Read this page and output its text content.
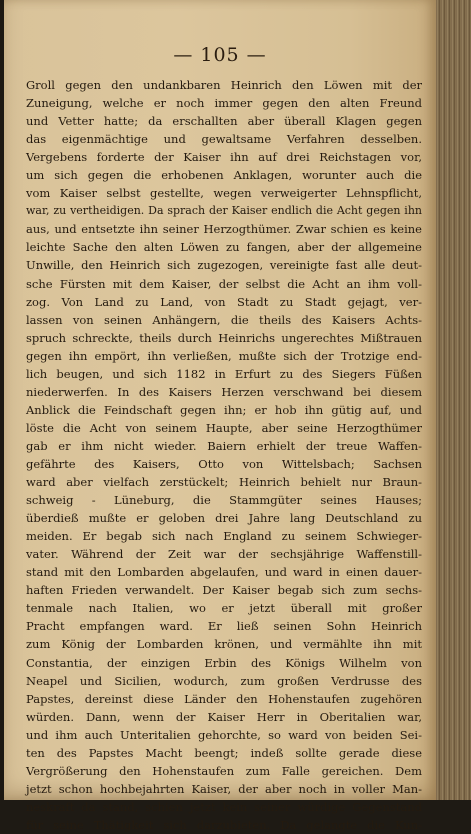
— 105 —
Groll gegen den undankbaren Heinrich den Löwen mit der
Zuneigung, welche er noch immer gegen den alten Freund
und Vetter hatte; da erschallten aber überall Klagen gegen
das eigenmächtige und gewaltsame Verfahren desselben.
Vergebens forderte der Kaiser ihn auf drei Reichstagen vor,
um sich gegen die erhobenen Anklagen, worunter auch die
vom Kaiser selbst gestellte, wegen verweigerter Lehnspflicht,
war, zu vertheidigen. Da sprach der Kaiser endlich die Acht gegen ihn
aus, und entsetzte ihn seiner Herzogthümer. Zwar schien es keine
leichte Sache den alten Löwen zu fangen, aber der allgemeine
Unwille, den Heinrich sich zugezogen, vereinigte fast alle deut-
sche Fürsten mit dem Kaiser, der selbst die Acht an ihm voll-
zog. Von Land zu Land, von Stadt zu Stadt gejagt, ver-
lassen von seinen Anhängern, die theils des Kaisers Achts-
spruch schreckte, theils durch Heinrichs ungerechtes Mißtrauen
gegen ihn empört, ihn verließen, mußte sich der Trotzige end-
lich beugen, und sich 1182 in Erfurt zu des Siegers Füßen
niederwerfen. In des Kaisers Herzen verschwand bei diesem
Anblick die Feindschaft gegen ihn; er hob ihn gütig auf, und
löste die Acht von seinem Haupte, aber seine Herzogthümer
gab er ihm nicht wieder. Baiern erhielt der treue Waffen-
gefährte des Kaisers, Otto von Wittelsbach; Sachsen
ward aber vielfach zerstückelt; Heinrich behielt nur Braun-
schweig - Lüneburg, die Stammgüter seines Hauses;
überdieß mußte er geloben drei Jahre lang Deutschland zu
meiden. Er begab sich nach England zu seinem Schwieger-
vater. Während der Zeit war der sechsjährige Waffenstill-
stand mit den Lombarden abgelaufen, und ward in einen dauer-
haften Frieden verwandelt. Der Kaiser begab sich zum sechs-
tenmale nach Italien, wo er jetzt überall mit großer
Pracht empfangen ward. Er ließ seinen Sohn Heinrich
zum König der Lombarden krönen, und vermählte ihn mit
Constantia, der einzigen Erbin des Königs Wilhelm von
Neapel und Sicilien, wodurch, zum großen Verdrusse des
Papstes, dereinst diese Länder den Hohenstaufen zugehören
würden. Dann, wenn der Kaiser Herr in Oberitalien war,
und ihm auch Unteritalien gehorchte, so ward von beiden Sei-
ten des Papstes Macht beengt; indeß sollte gerade diese
Vergrößerung den Hohenstaufen zum Falle gereichen. Dem
jetzt schon hochbejahrten Kaiser, der aber noch in voller Man-
neskraft da stand, schien jetzt kein seiner würdige Gegenstand
für seine Thätigkeit sich darzubieten. Da gelangte die Kun-
